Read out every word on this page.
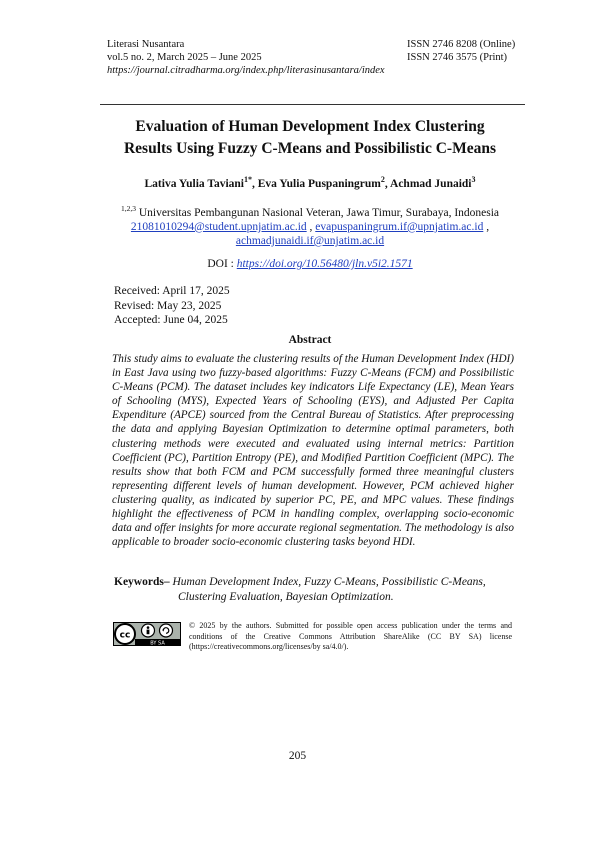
Literasi Nusantara
vol.5 no. 2, March 2025 – June 2025
https://journal.citradharma.org/index.php/literasinusantara/index
ISSN 2746 8208 (Online)
ISSN 2746 3575 (Print)
Evaluation of Human Development Index Clustering
Results Using Fuzzy C-Means and Possibilistic C-Means
Lativa Yulia Taviani$^{1*}$, Eva Yulia Puspaningrum$^2$, Achmad Junaidi$^3$
$^{1,2,3}$ Universitas Pembangunan Nasional Veteran, Jawa Timur, Surabaya, Indonesia
21081010294@student.upnjatim.ac.id , evapuspaningrum.if@upnjatim.ac.id ,
achmadjunaidi.if@unjatim.ac.id
DOI : https://doi.org/10.56480/jln.v5i2.1571
Received: April 17, 2025
Revised: May 23, 2025
Accepted: June 04, 2025
Abstract
This study aims to evaluate the clustering results of the Human Development Index (HDI) in East Java using two fuzzy-based algorithms: Fuzzy C-Means (FCM) and Possibilistic C-Means (PCM). The dataset includes key indicators Life Expectancy (LE), Mean Years of Schooling (MYS), Expected Years of Schooling (EYS), and Adjusted Per Capita Expenditure (APCE) sourced from the Central Bureau of Statistics. After preprocessing the data and applying Bayesian Optimization to determine optimal parameters, both clustering methods were executed and evaluated using internal metrics: Partition Coefficient (PC), Partition Entropy (PE), and Modified Partition Coefficient (MPC). The results show that both FCM and PCM successfully formed three meaningful clusters representing different levels of human development. However, PCM achieved higher clustering quality, as indicated by superior PC, PE, and MPC values. These findings highlight the effectiveness of PCM in handling complex, overlapping socio-economic data and offer insights for more accurate regional segmentation. The methodology is also applicable to broader socio-economic clustering tasks beyond HDI.
Keywords– Human Development Index, Fuzzy C-Means, Possibilistic C-Means,
Clustering Evaluation, Bayesian Optimization.
cc
BY SA
© 2025 by the authors. Submitted for possible open access publication under the terms and conditions of the Creative Commons Attribution ShareAlike (CC BY SA) license (https://creativecommons.org/licenses/by sa/4.0/).
205
